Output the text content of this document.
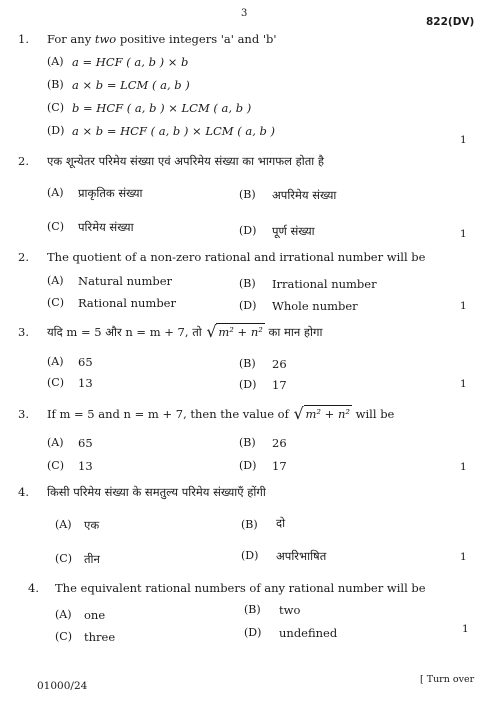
3
822(DV)
1. For any two positive integers 'a' and 'b'
(A) a = HCF ( a, b ) × b
(B) a × b = LCM ( a, b )
(C) b = HCF ( a, b ) × LCM ( a, b )
(D) a × b = HCF ( a, b ) × LCM ( a, b )
1
2. एक शून्येतर परिमेय संख्या एवं अपरिमेय संख्या का भागफल होता है
(A) प्राकृतिक संख्या	(B) अपरिमेय संख्या
(C) परिमेय संख्या	(D) पूर्ण संख्या	1
2. The quotient of a non-zero rational and irrational number will be
(A) Natural number	(B) Irrational number
(C) Rational number	(D) Whole number	1
3. यदि m = 5 और n = m + 7, तो √ m² + n² का मान होगा
(A) 65	(B) 26
(C) 13	(D) 17	1
3. If m = 5 and n = m + 7, then the value of √ m² + n² will be
(A) 65	(B) 26
(C) 13	(D) 17	1
4. किसी परिमेय संख्या के समतुल्य परिमेय संख्याएँ होंगी
(A) एक	(B) दो
(C) तीन	(D) अपरिभाषित	1
4. The equivalent rational numbers of any rational number will be
(A) one	(B) two
(C) three	(D) undefined	1
01000/24
[ Turn over
